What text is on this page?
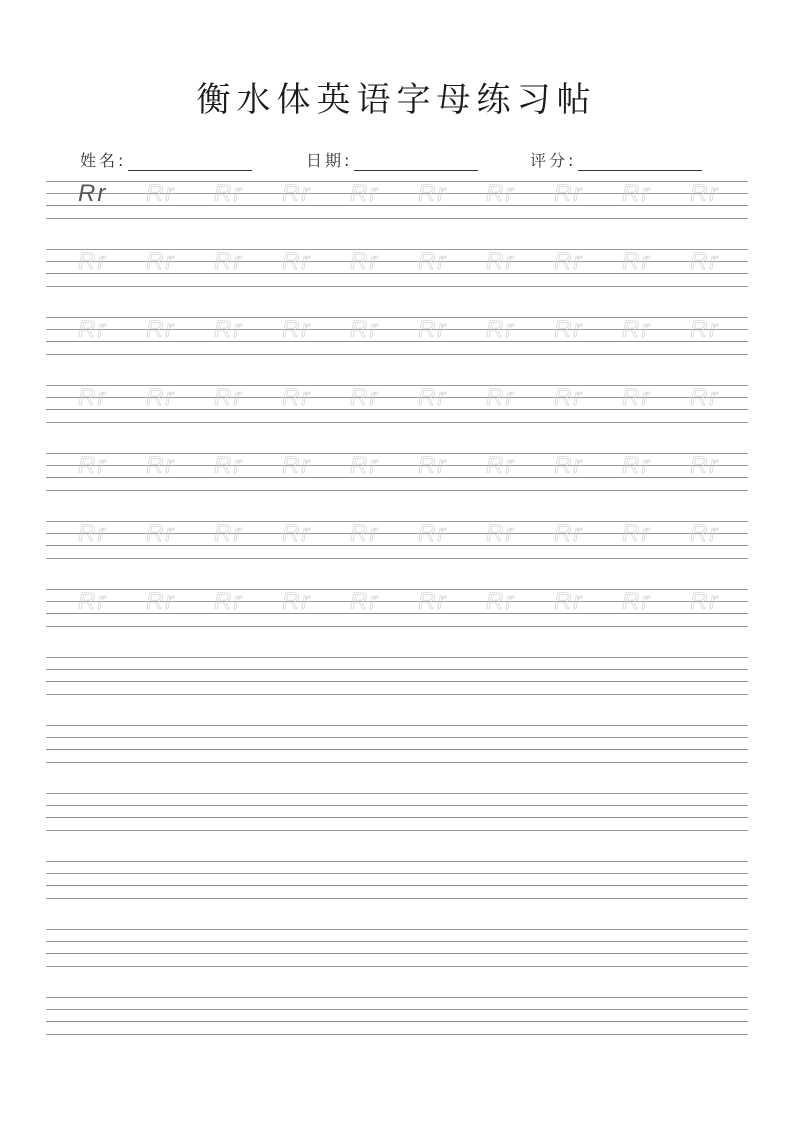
衡水体英语字母练习帖
姓名:	日期:	评分:
Rr	Rr	Rr	Rr	Rr	Rr	Rr	Rr	Rr	Rr
Rr	Rr	Rr	Rr	Rr	Rr	Rr	Rr	Rr	Rr
Rr	Rr	Rr	Rr	Rr	Rr	Rr	Rr	Rr	Rr
Rr	Rr	Rr	Rr	Rr	Rr	Rr	Rr	Rr	Rr
Rr	Rr	Rr	Rr	Rr	Rr	Rr	Rr	Rr	Rr
Rr	Rr	Rr	Rr	Rr	Rr	Rr	Rr	Rr	Rr
Rr	Rr	Rr	Rr	Rr	Rr	Rr	Rr	Rr	Rr
